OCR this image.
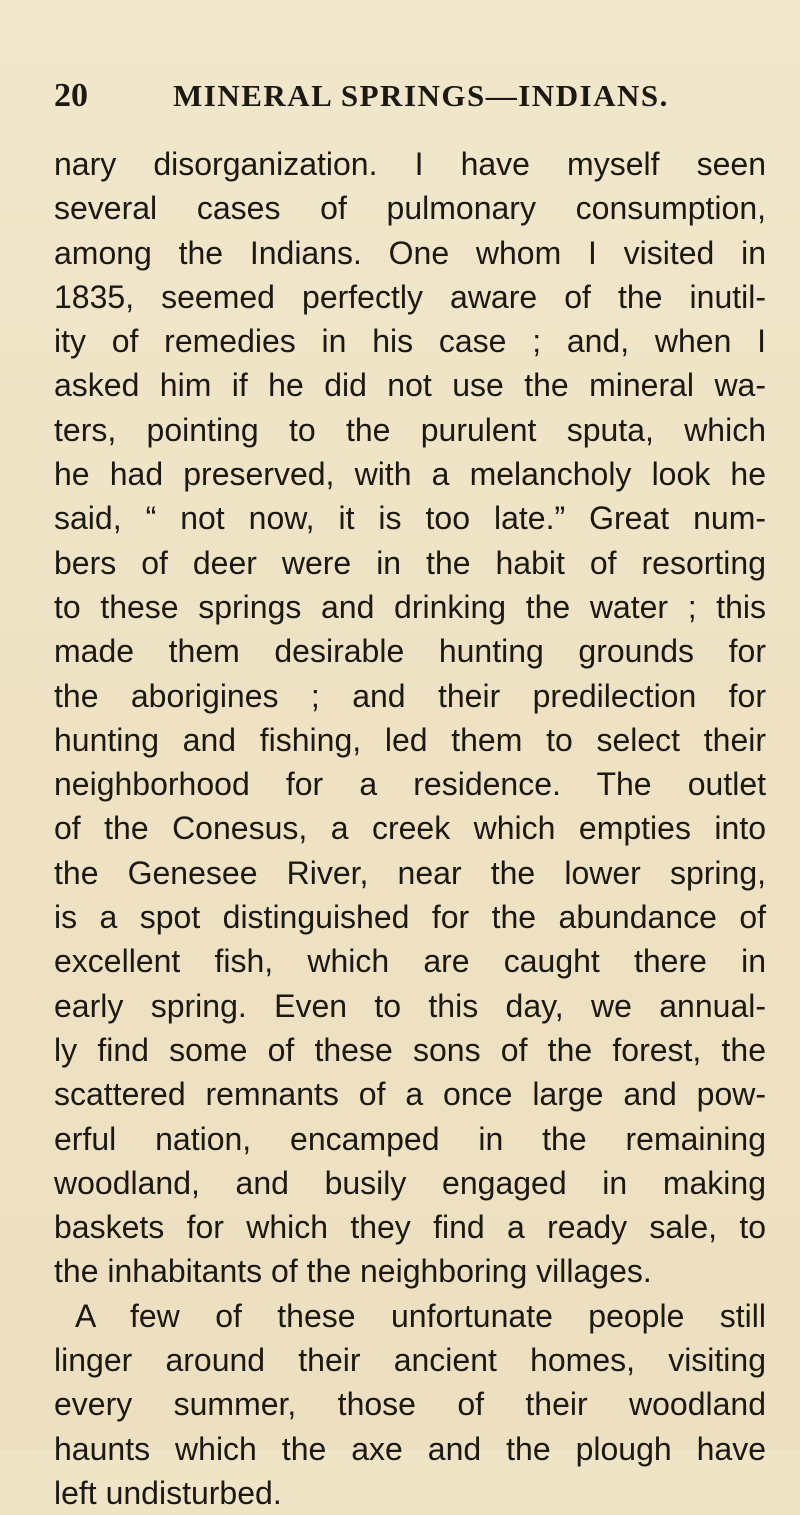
20	MINERAL SPRINGS—INDIANS.
nary disorganization. I have myself seen
several cases of pulmonary consumption,
among the Indians. One whom I visited in
1835, seemed perfectly aware of the inutil-
ity of remedies in his case ; and, when I
asked him if he did not use the mineral wa-
ters, pointing to the purulent sputa, which
he had preserved, with a melancholy look he
said, “ not now, it is too late.” Great num-
bers of deer were in the habit of resorting
to these springs and drinking the water ; this
made them desirable hunting grounds for
the aborigines ; and their predilection for
hunting and fishing, led them to select their
neighborhood for a residence. The outlet
of the Conesus, a creek which empties into
the Genesee River, near the lower spring,
is a spot distinguished for the abundance of
excellent fish, which are caught there in
early spring. Even to this day, we annual-
ly find some of these sons of the forest, the
scattered remnants of a once large and pow-
erful nation, encamped in the remaining
woodland, and busily engaged in making
baskets for which they find a ready sale, to
the inhabitants of the neighboring villages.
A few of these unfortunate people still
linger around their ancient homes, visiting
every summer, those of their woodland
haunts which the axe and the plough have
left undisturbed.
